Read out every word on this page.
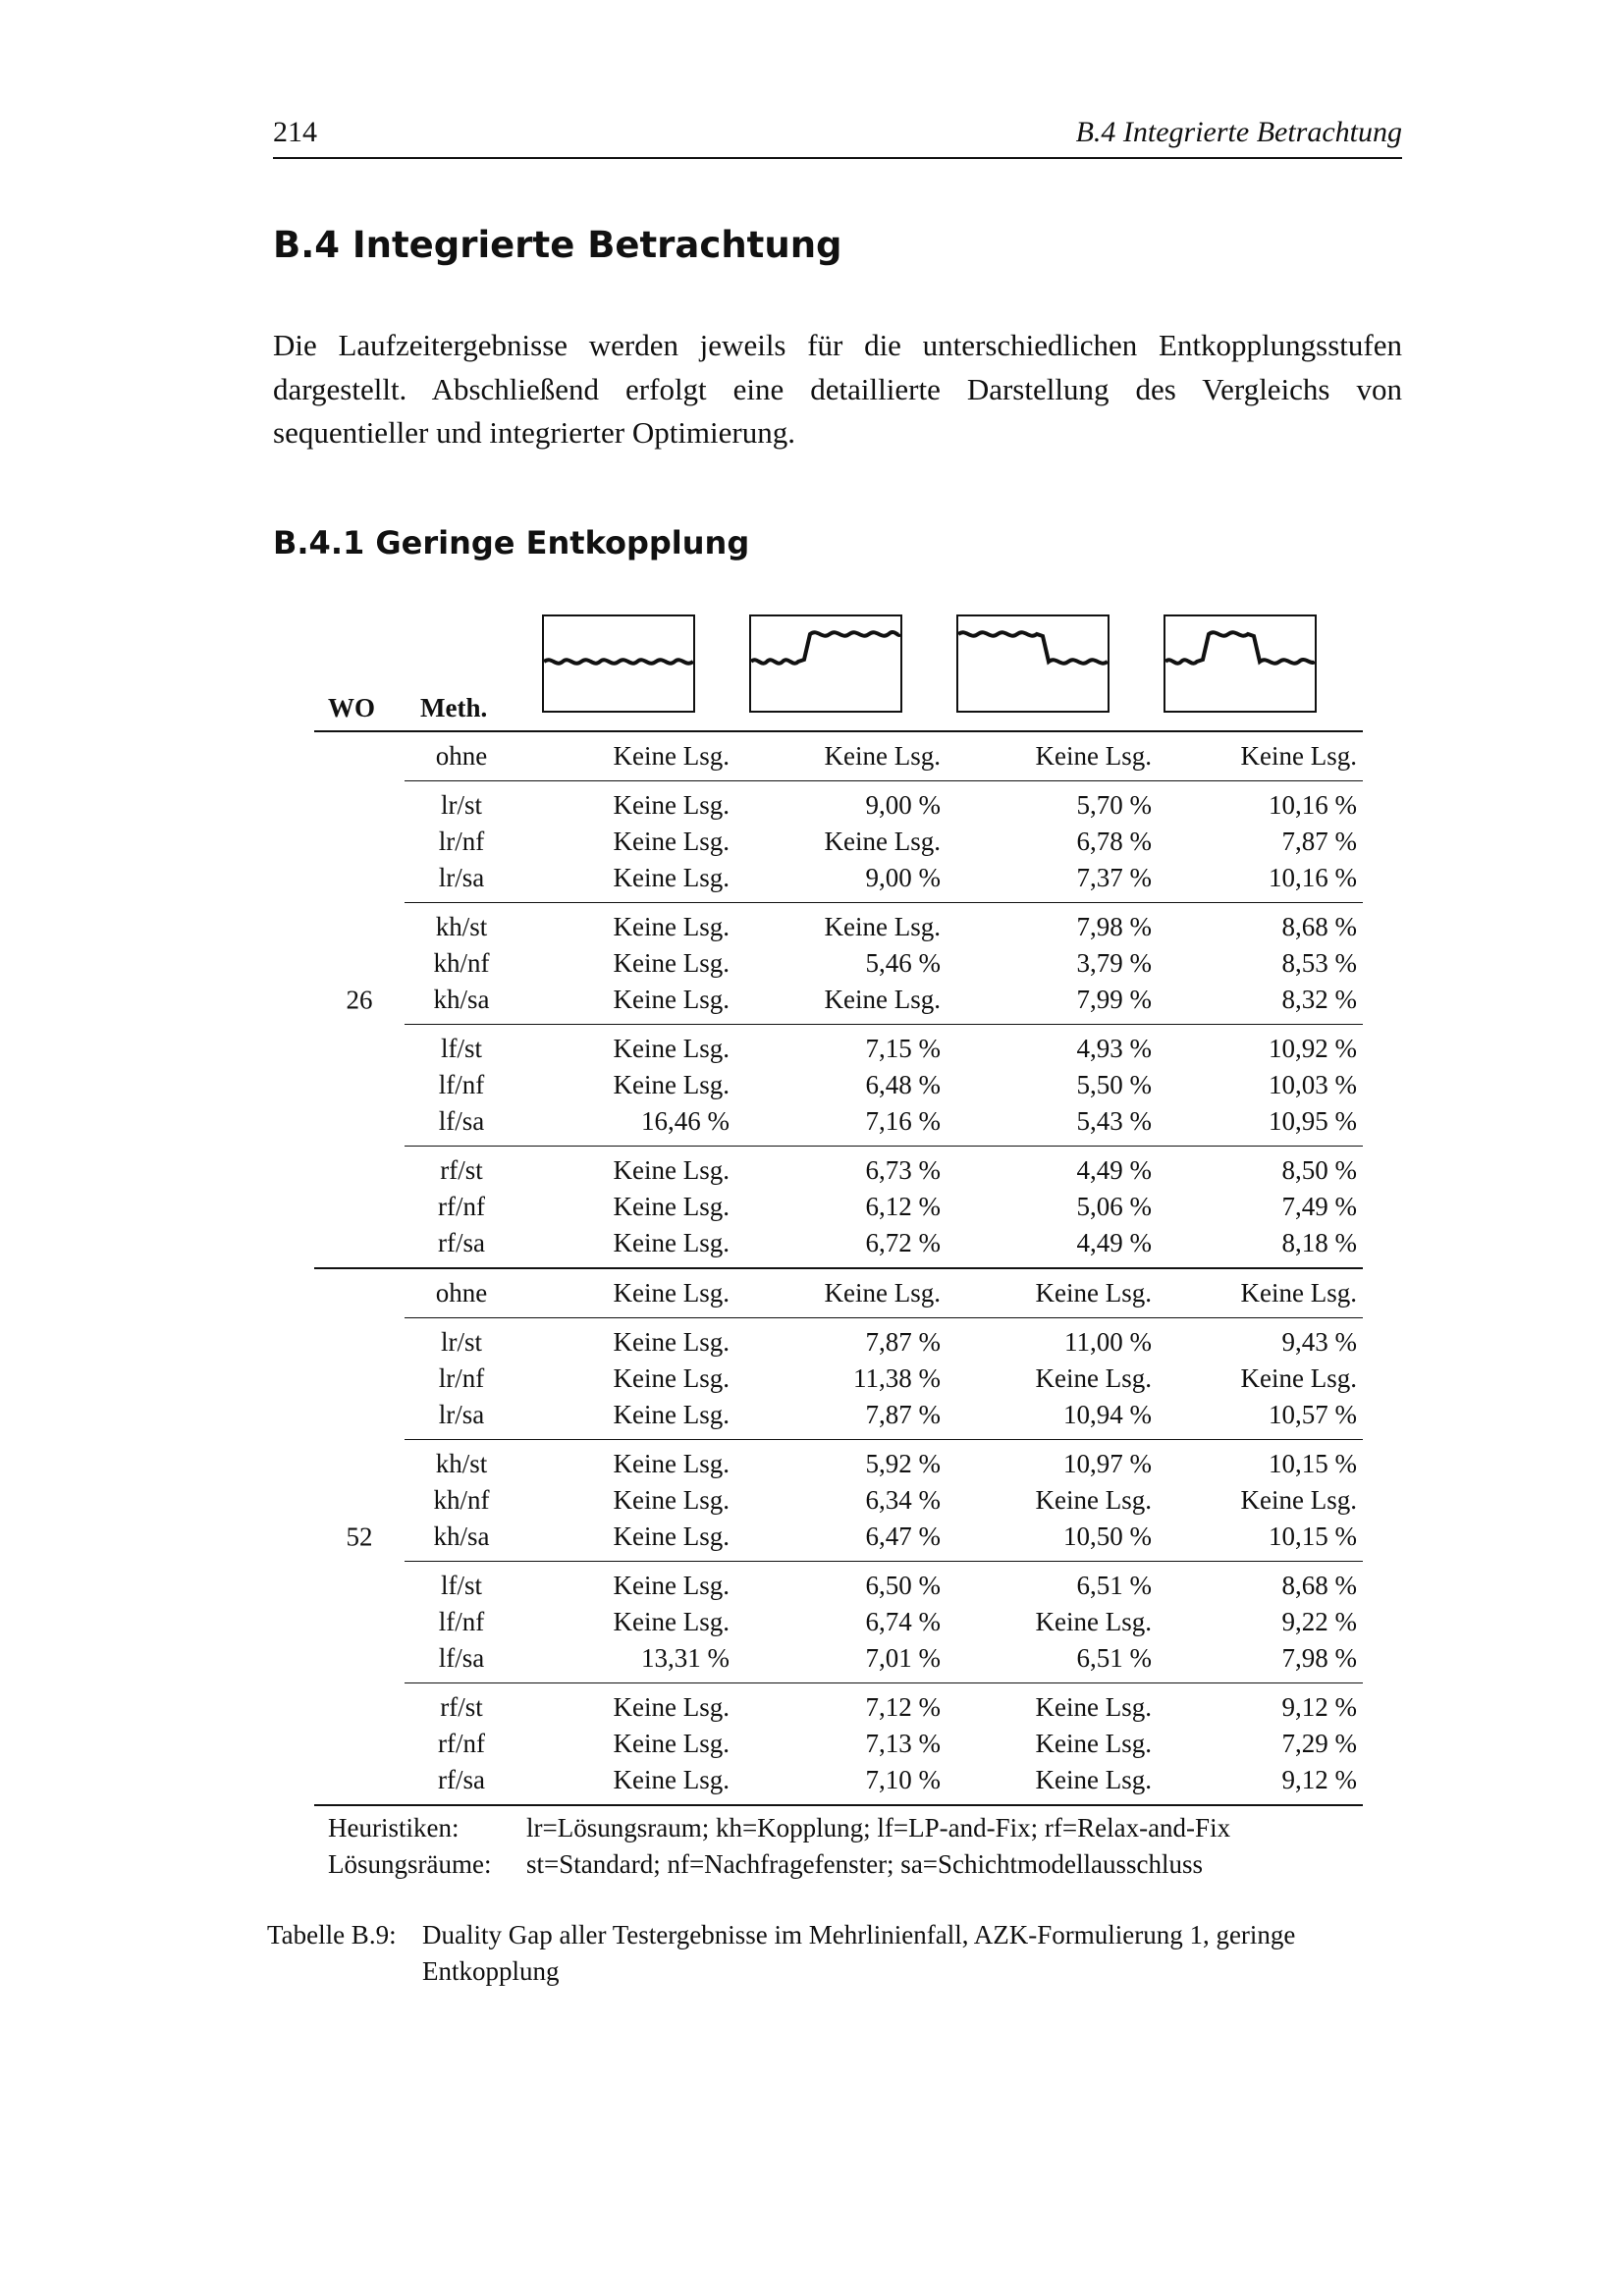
214	B.4 Integrierte Betrachtung
B.4 Integrierte Betrachtung

Die Laufzeitergebnisse werden jeweils für die unterschiedlichen Entkopplungsstufen dargestellt. Abschließend erfolgt eine detaillierte Darstellung des Vergleichs von sequentieller und integrierter Optimierung.

B.4.1 Geringe Entkopplung
WO Meth.
26
ohne	Keine Lsg.	Keine Lsg.	Keine Lsg.	Keine Lsg.
lr/st	Keine Lsg.	9,00 %	5,70 %	10,16 %
lr/nf	Keine Lsg.	Keine Lsg.	6,78 %	7,87 %
lr/sa	Keine Lsg.	9,00 %	7,37 %	10,16 %
kh/st	Keine Lsg.	Keine Lsg.	7,98 %	8,68 %
kh/nf	Keine Lsg.	5,46 %	3,79 %	8,53 %
kh/sa	Keine Lsg.	Keine Lsg.	7,99 %	8,32 %
lf/st	Keine Lsg.	7,15 %	4,93 %	10,92 %
lf/nf	Keine Lsg.	6,48 %	5,50 %	10,03 %
lf/sa	16,46 %	7,16 %	5,43 %	10,95 %
rf/st	Keine Lsg.	6,73 %	4,49 %	8,50 %
rf/nf	Keine Lsg.	6,12 %	5,06 %	7,49 %
rf/sa	Keine Lsg.	6,72 %	4,49 %	8,18 %
52
ohne	Keine Lsg.	Keine Lsg.	Keine Lsg.	Keine Lsg.
lr/st	Keine Lsg.	7,87 %	11,00 %	9,43 %
lr/nf	Keine Lsg.	11,38 %	Keine Lsg.	Keine Lsg.
lr/sa	Keine Lsg.	7,87 %	10,94 %	10,57 %
kh/st	Keine Lsg.	5,92 %	10,97 %	10,15 %
kh/nf	Keine Lsg.	6,34 %	Keine Lsg.	Keine Lsg.
kh/sa	Keine Lsg.	6,47 %	10,50 %	10,15 %
lf/st	Keine Lsg.	6,50 %	6,51 %	8,68 %
lf/nf	Keine Lsg.	6,74 %	Keine Lsg.	9,22 %
lf/sa	13,31 %	7,01 %	6,51 %	7,98 %
rf/st	Keine Lsg.	7,12 %	Keine Lsg.	9,12 %
rf/nf	Keine Lsg.	7,13 %	Keine Lsg.	7,29 %
rf/sa	Keine Lsg.	7,10 %	Keine Lsg.	9,12 %
Heuristiken:	lr=Lösungsraum; kh=Kopplung; lf=LP-and-Fix; rf=Relax-and-Fix
Lösungsräume:	st=Standard; nf=Nachfragefenster; sa=Schichtmodellausschluss
Tabelle B.9: Duality Gap aller Testergebnisse im Mehrlinienfall, AZK-Formulierung 1, geringe Entkopplung
